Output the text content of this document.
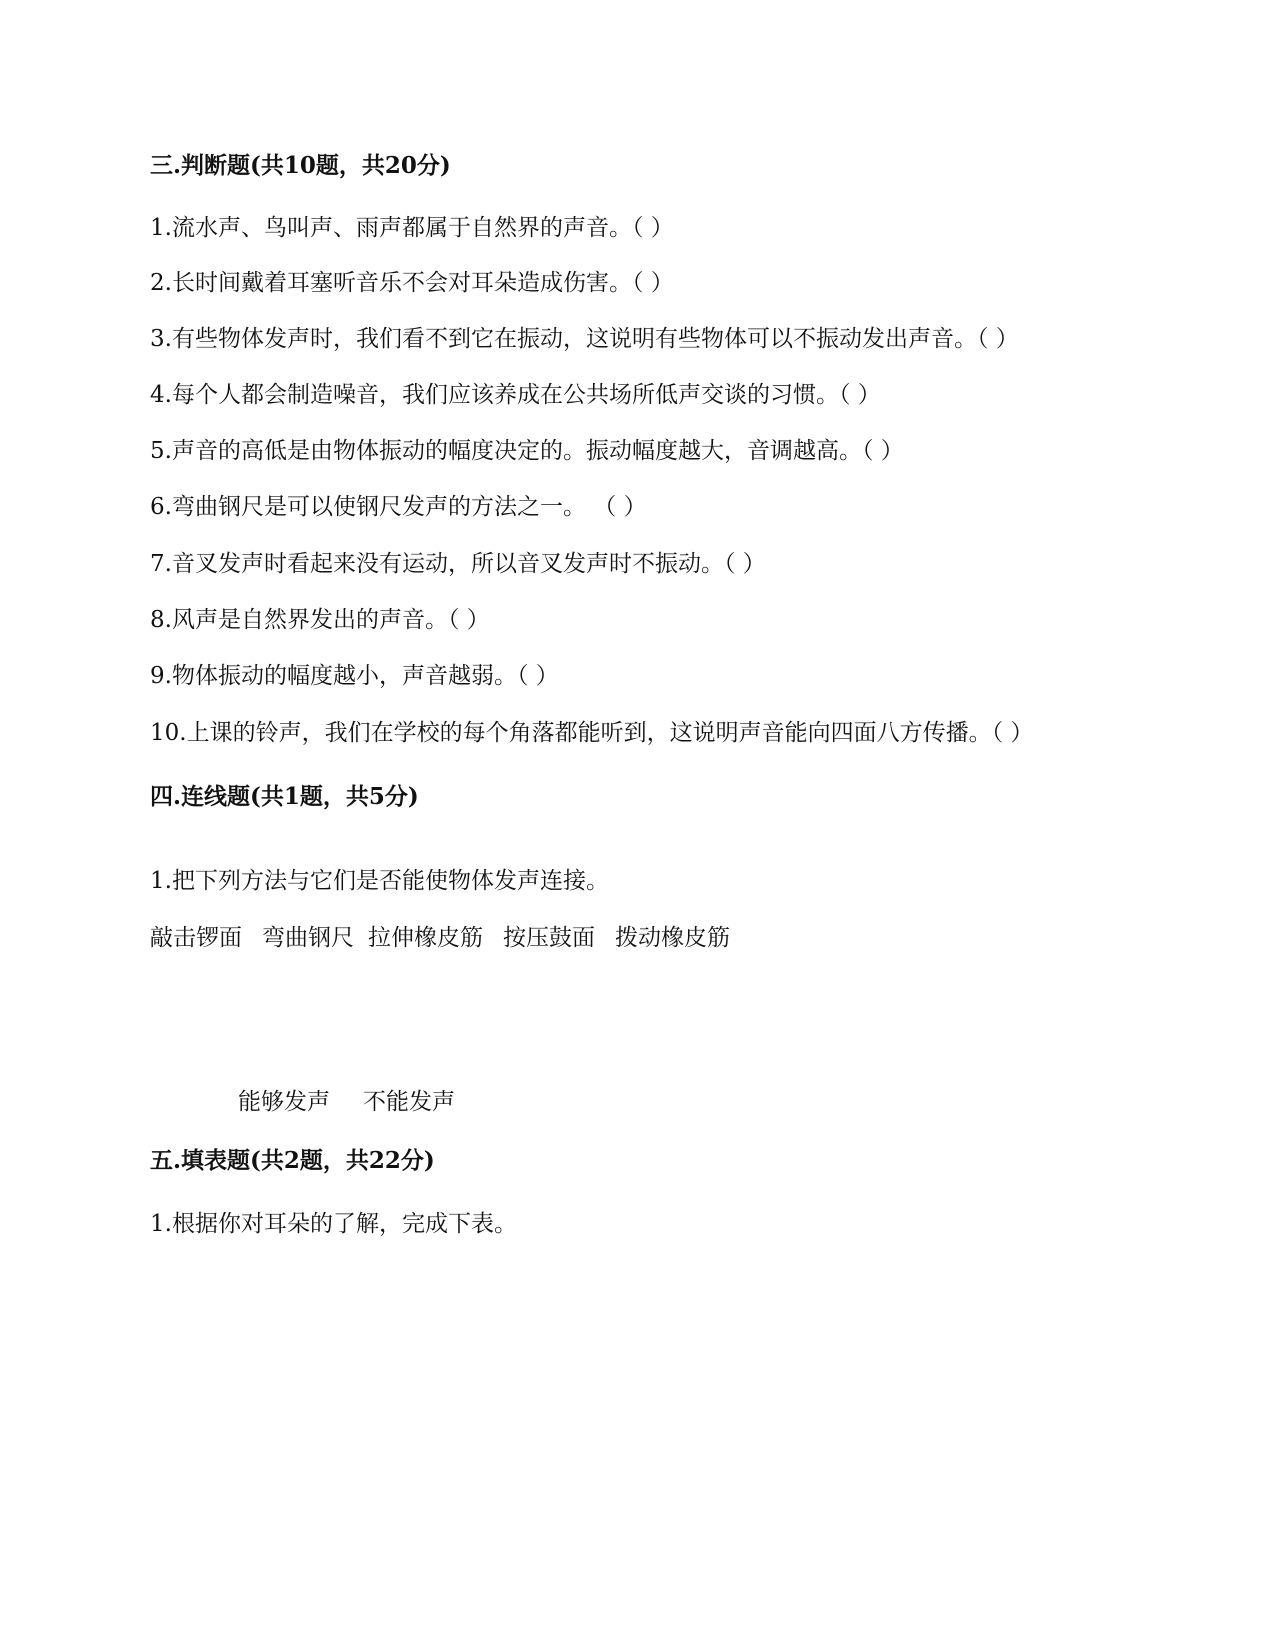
三.判断题(共10题，共20分)
1.流水声、鸟叫声、雨声都属于自然界的声音。（ ）
2.长时间戴着耳塞听音乐不会对耳朵造成伤害。（ ）
3.有些物体发声时，我们看不到它在振动，这说明有些物体可以不振动发出声音。（ ）
4.每个人都会制造噪音，我们应该养成在公共场所低声交谈的习惯。（ ）
5.声音的高低是由物体振动的幅度决定的。振动幅度越大，音调越高。（ ）
6.弯曲钢尺是可以使钢尺发声的方法之一。 （ ）
7.音叉发声时看起来没有运动，所以音叉发声时不振动。（ ）
8.风声是自然界发出的声音。（ ）
9.物体振动的幅度越小，声音越弱。（ ）
10.上课的铃声，我们在学校的每个角落都能听到，这说明声音能向四面八方传播。（ ）
四.连线题(共1题，共5分)
1.把下列方法与它们是否能使物体发声连接。
敲击锣面 弯曲钢尺 拉伸橡皮筋 按压鼓面 拨动橡皮筋
能够发声 不能发声
五.填表题(共2题，共22分)
1.根据你对耳朵的了解，完成下表。
